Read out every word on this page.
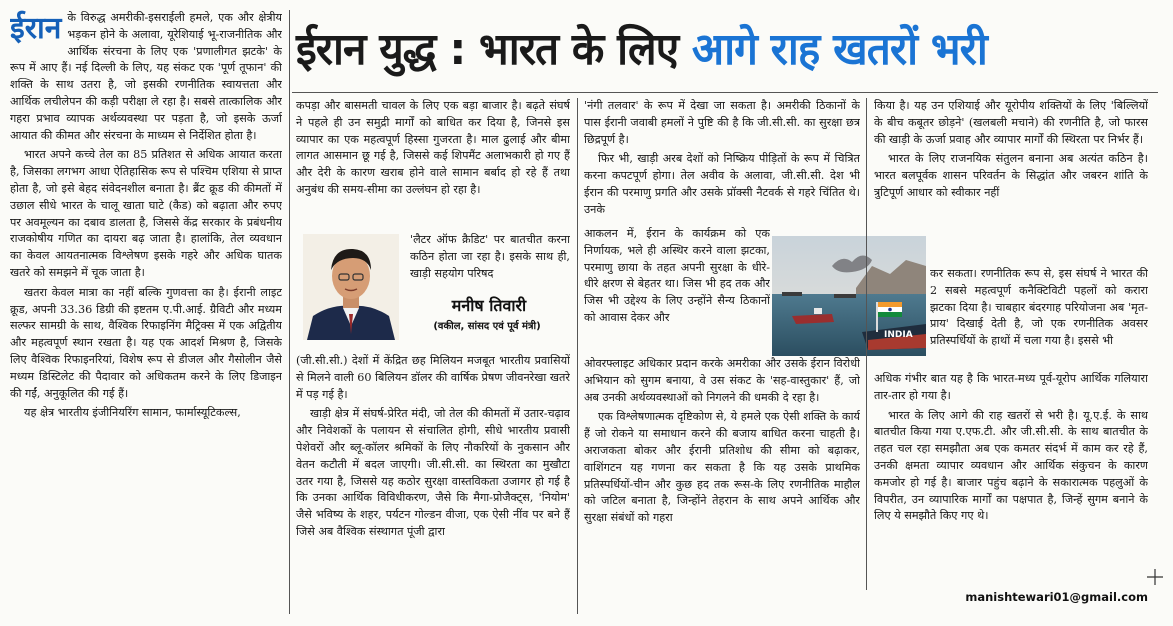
ईरान के विरुद्ध अमरीकी-इसराईली हमले, एक और क्षेत्रीय भड़कन होने के अलावा, यूरेशियाई भू-राजनीतिक और आर्थिक संरचना के लिए एक 'प्रणालीगत झटके' के रूप में आए हैं। नई दिल्ली के लिए, यह संकट एक 'पूर्ण तूफान' की शक्ति के साथ उतरा है, जो इसकी रणनीतिक स्वायत्तता और आर्थिक लचीलेपन की कड़ी परीक्षा ले रहा है। सबसे तात्कालिक और गहरा प्रभाव व्यापक अर्थव्यवस्था पर पड़ता है, जो इसके ऊर्जा आयात की कीमत और संरचना के माध्यम से निर्देशित होता है।

भारत अपने कच्चे तेल का 85 प्रतिशत से अधिक आयात करता है, जिसका लगभग आधा ऐतिहासिक रूप से पश्चिम एशिया से प्राप्त होता है, जो इसे बेहद संवेदनशील बनाता है। ब्रैंट क्रूड की कीमतों में उछाल सीधे भारत के चालू खाता घाटे (कैड) को बढ़ाता और रुपए पर अवमूल्यन का दबाव डालता है, जिससे केंद्र सरकार के प्रबंधनीय राजकोषीय गणित का दायरा बढ़ जाता है। हालांकि, तेल व्यवधान का केवल आयतनात्मक विश्लेषण इसके गहरे और अधिक घातक खतरे को समझने में चूक जाता है।

खतरा केवल मात्रा का नहीं बल्कि गुणवत्ता का है। ईरानी लाइट क्रूड, अपनी 33.36 डिग्री की इष्टतम ए.पी.आई. ग्रैविटी और मध्यम सल्फर सामग्री के साथ, वैश्विक रिफाइनिंग मैट्रिक्स में एक अद्वितीय और महत्वपूर्ण स्थान रखता है। यह एक आदर्श मिश्रण है, जिसके लिए वैश्विक रिफाइनरियां, विशेष रूप से डीजल और गैसोलीन जैसे मध्यम डिस्टिलेट की पैदावार को अधिकतम करने के लिए डिजाइन की गईं, अनुकूलित की गई हैं।

यह क्षेत्र भारतीय इंजीनियरिंग सामान, फार्मास्यूटिकल्स,

ईरान युद्ध : भारत के लिए आगे राह खतरों भरी

कपड़ा और बासमती चावल के लिए एक बड़ा बाजार है। बढ़ते संघर्ष ने पहले ही उन समुद्री मार्गों को बाधित कर दिया है, जिनसे इस व्यापार का एक महत्वपूर्ण हिस्सा गुजरता है। माल ढुलाई और बीमा लागत आसमान छू गई है, जिससे कई शिपमैंट अलाभकारी हो गए हैं और देरी के कारण खराब होने वाले सामान बर्बाद हो रहे हैं तथा अनुबंध की समय-सीमा का उल्लंघन हो रहा है।

'लैटर ऑफ क्रैडिट' पर बातचीत करना कठिन होता जा रहा है। इसके साथ ही, खाड़ी सहयोग परिषद

मनीष तिवारी
(वकील, सांसद एवं पूर्व मंत्री)

(जी.सी.सी.) देशों में केंद्रित छह मिलियन मजबूत भारतीय प्रवासियों से मिलने वाली 60 बिलियन डॉलर की वार्षिक प्रेषण जीवनरेखा खतरे में पड़ गई है।

खाड़ी क्षेत्र में संघर्ष-प्रेरित मंदी, जो तेल की कीमतों में उतार-चढ़ाव और निवेशकों के पलायन से संचालित होगी, सीधे भारतीय प्रवासी पेशेवरों और ब्लू-कॉलर श्रमिकों के लिए नौकरियों के नुकसान और वेतन कटौती में बदल जाएगी। जी.सी.सी. का स्थिरता का मुखौटा उतर गया है, जिससे यह कठोर सुरक्षा वास्तविकता उजागर हो गई है कि उनका आर्थिक विविधीकरण, जैसे कि मैगा-प्रोजैक्ट्स, 'नियोम' जैसे भविष्य के शहर, पर्यटन गोल्डन वीजा, एक ऐसी नींव पर बने हैं जिसे अब वैश्विक संस्थागत पूंजी द्वारा

'नंगी तलवार' के रूप में देखा जा सकता है। अमरीकी ठिकानों के पास ईरानी जवाबी हमलों ने पुष्टि की है कि जी.सी.सी. का सुरक्षा छत्र छिद्रपूर्ण है।

फिर भी, खाड़ी अरब देशों को निष्क्रिय पीड़ितों के रूप में चित्रित करना कपटपूर्ण होगा। तेल अवीव के अलावा, जी.सी.सी. देश भी ईरान की परमाणु प्रगति और उसके प्रॉक्सी नैटवर्क से गहरे चिंतित थे। उनके

आकलन में, ईरान के कार्यक्रम को एक निर्णायक, भले ही अस्थिर करने वाला झटका, परमाणु छाया के तहत अपनी सुरक्षा के धीरे-धीरे क्षरण से बेहतर था। जिस भी हद तक और जिस भी उद्देश्य के लिए उन्होंने सैन्य ठिकानों को आवास देकर और

ओवरफ्लाइट अधिकार प्रदान करके अमरीका और उसके ईरान विरोधी अभियान को सुगम बनाया, वे उस संकट के 'सह-वास्तुकार' हैं, जो अब उनकी अर्थव्यवस्थाओं को निगलने की धमकी दे रहा है।

एक विश्लेषणात्मक दृष्टिकोण से, ये हमले एक ऐसी शक्ति के कार्य हैं जो रोकने या समाधान करने की बजाय बाधित करना चाहती है। अराजकता बोकर और ईरानी प्रतिशोध की सीमा को बढ़ाकर, वाशिंगटन यह गणना कर सकता है कि यह उसके प्राथमिक प्रतिस्पर्धियों-चीन और कुछ हद तक रूस-के लिए रणनीतिक माहौल को जटिल बनाता है, जिन्होंने तेहरान के साथ अपने आर्थिक और सुरक्षा संबंधों को गहरा

INDIA

किया है। यह उन एशियाई और यूरोपीय शक्तियों के लिए 'बिल्लियों के बीच कबूतर छोड़ने' (खलबली मचाने) की रणनीति है, जो फारस की खाड़ी के ऊर्जा प्रवाह और व्यापार मार्गों की स्थिरता पर निर्भर हैं।

भारत के लिए राजनयिक संतुलन बनाना अब अत्यंत कठिन है। भारत बलपूर्वक शासन परिवर्तन के सिद्धांत और जबरन शांति के त्रुटिपूर्ण आधार को स्वीकार नहीं

कर सकता। रणनीतिक रूप से, इस संघर्ष ने भारत की 2 सबसे महत्वपूर्ण कनैक्टिविटी पहलों को करारा झटका दिया है। चाबहार बंदरगाह परियोजना अब 'मृत-प्राय' दिखाई देती है, जो एक रणनीतिक अवसर प्रतिस्पर्धियों के हाथों में चला गया है। इससे भी

अधिक गंभीर बात यह है कि भारत-मध्य पूर्व-यूरोप आर्थिक गलियारा तार-तार हो गया है।

भारत के लिए आगे की राह खतरों से भरी है। यू.ए.ई. के साथ बातचीत किया गया ए.एफ.टी. और जी.सी.सी. के साथ बातचीत के तहत चल रहा समझौता अब एक कमतर संदर्भ में काम कर रहे हैं, उनकी क्षमता व्यापार व्यवधान और आर्थिक संकुचन के कारण कमजोर हो गई है। बाजार पहुंच बढ़ाने के सकारात्मक पहलुओं के विपरीत, उन व्यापारिक मार्गों का पक्षपात है, जिन्हें सुगम बनाने के लिए ये समझौते किए गए थे।

manishtewari01@gmail.com
